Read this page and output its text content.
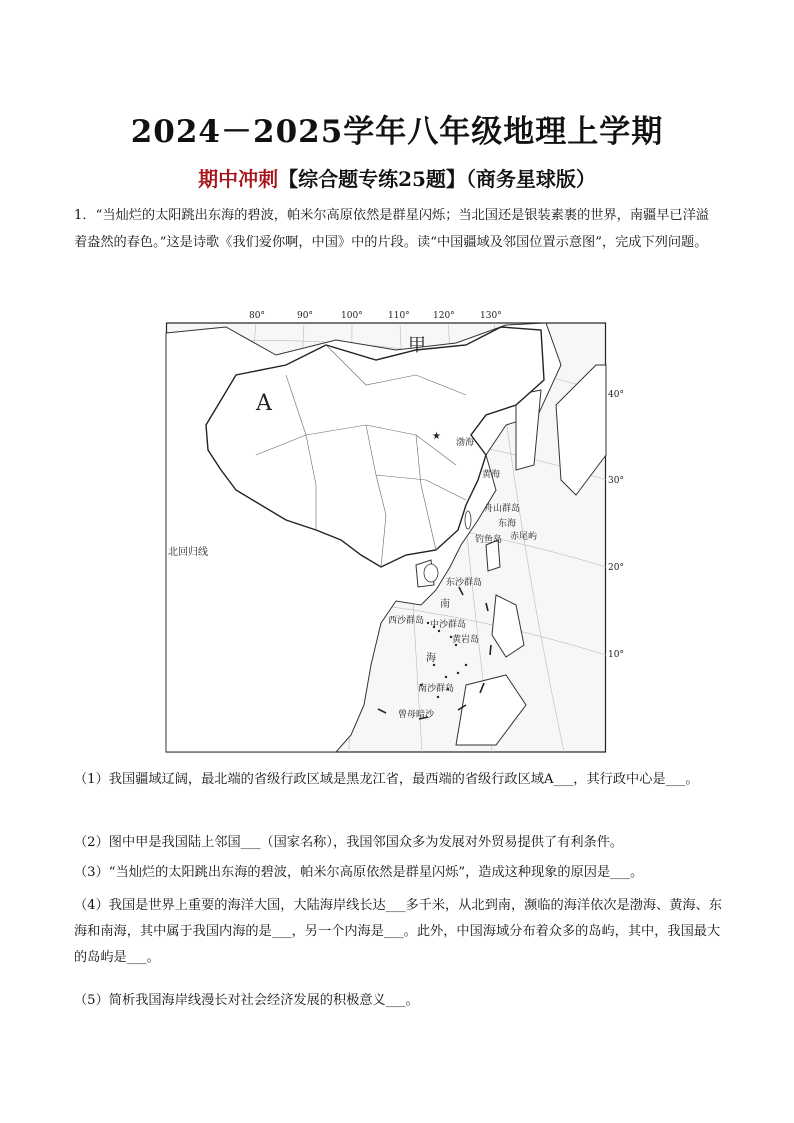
2024－2025学年八年级地理上学期
期中冲刺【综合题专练25题】（商务星球版）
1．“当灿烂的太阳跳出东海的碧波，帕米尔高原依然是群星闪烁；当北国还是银装素裹的世界，南疆早已洋溢着盎然的春色。”这是诗歌《我们爱你啊，中国》中的片段。读“中国疆域及邻国位置示意图”，完成下列问题。
★
80°	90°	100°	110°	120°	130°
40°
30°
20°
10°
A
甲
北回归线
渤海
黄海
舟山群岛
东海
钓鱼岛 赤尾屿
东沙群岛
南
西沙群岛 中沙群岛
黄岩岛
海
南沙群岛
曾母暗沙
（1）我国疆域辽阔，最北端的省级行政区域是黑龙江省，最西端的省级行政区域A___，其行政中心是___。
（2）图中甲是我国陆上邻国___（国家名称），我国邻国众多为发展对外贸易提供了有利条件。
（3）“当灿烂的太阳跳出东海的碧波，帕米尔高原依然是群星闪烁”，造成这种现象的原因是___。
（4）我国是世界上重要的海洋大国，大陆海岸线长达___多千米，从北到南，濒临的海洋依次是渤海、黄海、东海和南海，其中属于我国内海的是___，另一个内海是___。此外，中国海域分布着众多的岛屿，其中，我国最大的岛屿是___。
（5）简析我国海岸线漫长对社会经济发展的积极意义___。
